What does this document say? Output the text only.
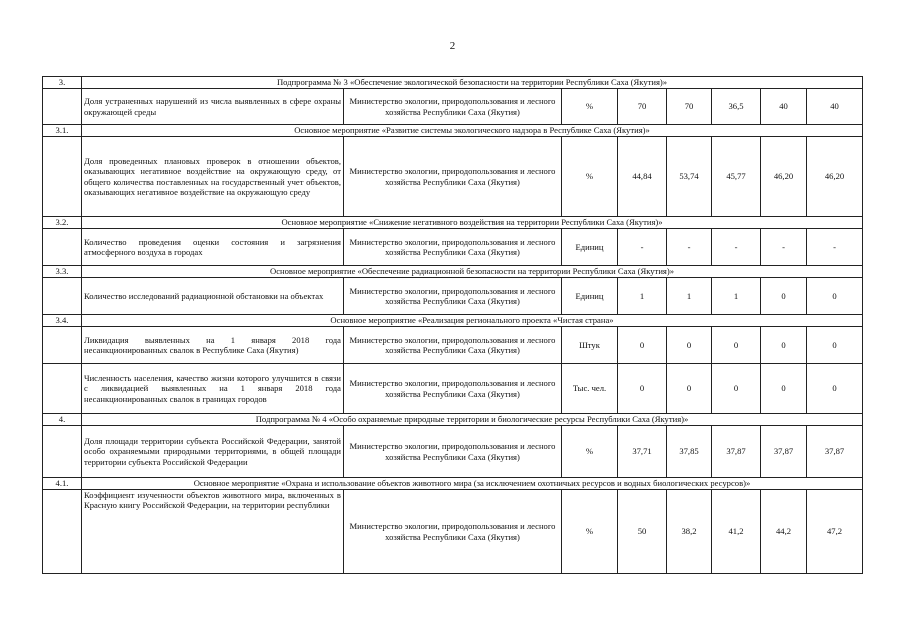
2
3.	Подпрограмма № 3 «Обеспечение экологической безопасности на территории Республики Саха (Якутия)»							
	Доля устраненных нарушений из числа выявленных в сфере охраны окружающей среды	Министерство экологии, природопользования и лесного хозяйства Республики Саха (Якутия)	%	70	70	36,5	40	40
3.1.	Основное мероприятие «Развитие системы экологического надзора в Республике Саха (Якутия)»							
	Доля проведенных плановых проверок в отношении объектов, оказывающих негативное воздействие на окружающую среду, от общего количества поставленных на государственный учет объектов, оказывающих негативное воздействие на окружающую среду	Министерство экологии, природопользования и лесного хозяйства Республики Саха (Якутия)	%	44,84	53,74	45,77	46,20	46,20
3.2.	Основное мероприятие «Снижение негативного воздействия на территории Республики Саха (Якутия)»							
	Количество проведения оценки состояния и загрязнения атмосферного воздуха в городах	Министерство экологии, природопользования и лесного хозяйства Республики Саха (Якутия)	Единиц	-	-	-	-	-
3.3.	Основное мероприятие «Обеспечение радиационной безопасности на территории Республики Саха (Якутия)»							
	Количество исследований радиационной обстановки на объектах	Министерство экологии, природопользования и лесного хозяйства Республики Саха (Якутия)	Единиц	1	1	1	0	0
3.4.	Основное мероприятие «Реализация регионального проекта «Чистая страна»							
	Ликвидация выявленных на 1 января 2018 года несанкционированных свалок в Республике Саха (Якутия)	Министерство экологии, природопользования и лесного хозяйства Республики Саха (Якутия)	Штук	0	0	0	0	0
	Численность населения, качество жизни которого улучшится в связи с ликвидацией выявленных на 1 января 2018 года несанкционированных свалок в границах городов	Министерство экологии, природопользования и лесного хозяйства Республики Саха (Якутия)	Тыс. чел.	0	0	0	0	0
4.	Подпрограмма № 4 «Особо охраняемые природные территории и биологические ресурсы Республики Саха (Якутия)»							
	Доля площади территории субъекта Российской Федерации, занятой особо охраняемыми природными территориями, в общей площади территории субъекта Российской Федерации	Министерство экологии, природопользования и лесного хозяйства Республики Саха (Якутия)	%	37,71	37,85	37,87	37,87	37,87
4.1.	Основное мероприятие «Охрана и использование объектов животного мира (за исключением охотничьих ресурсов и водных биологических ресурсов)»							
	Коэффициент изученности объектов животного мира, включенных в Красную книгу Российской Федерации, на территории республики	Министерство экологии, природопользования и лесного хозяйства Республики Саха (Якутия)	%	50	38,2	41,2	44,2	47,2
